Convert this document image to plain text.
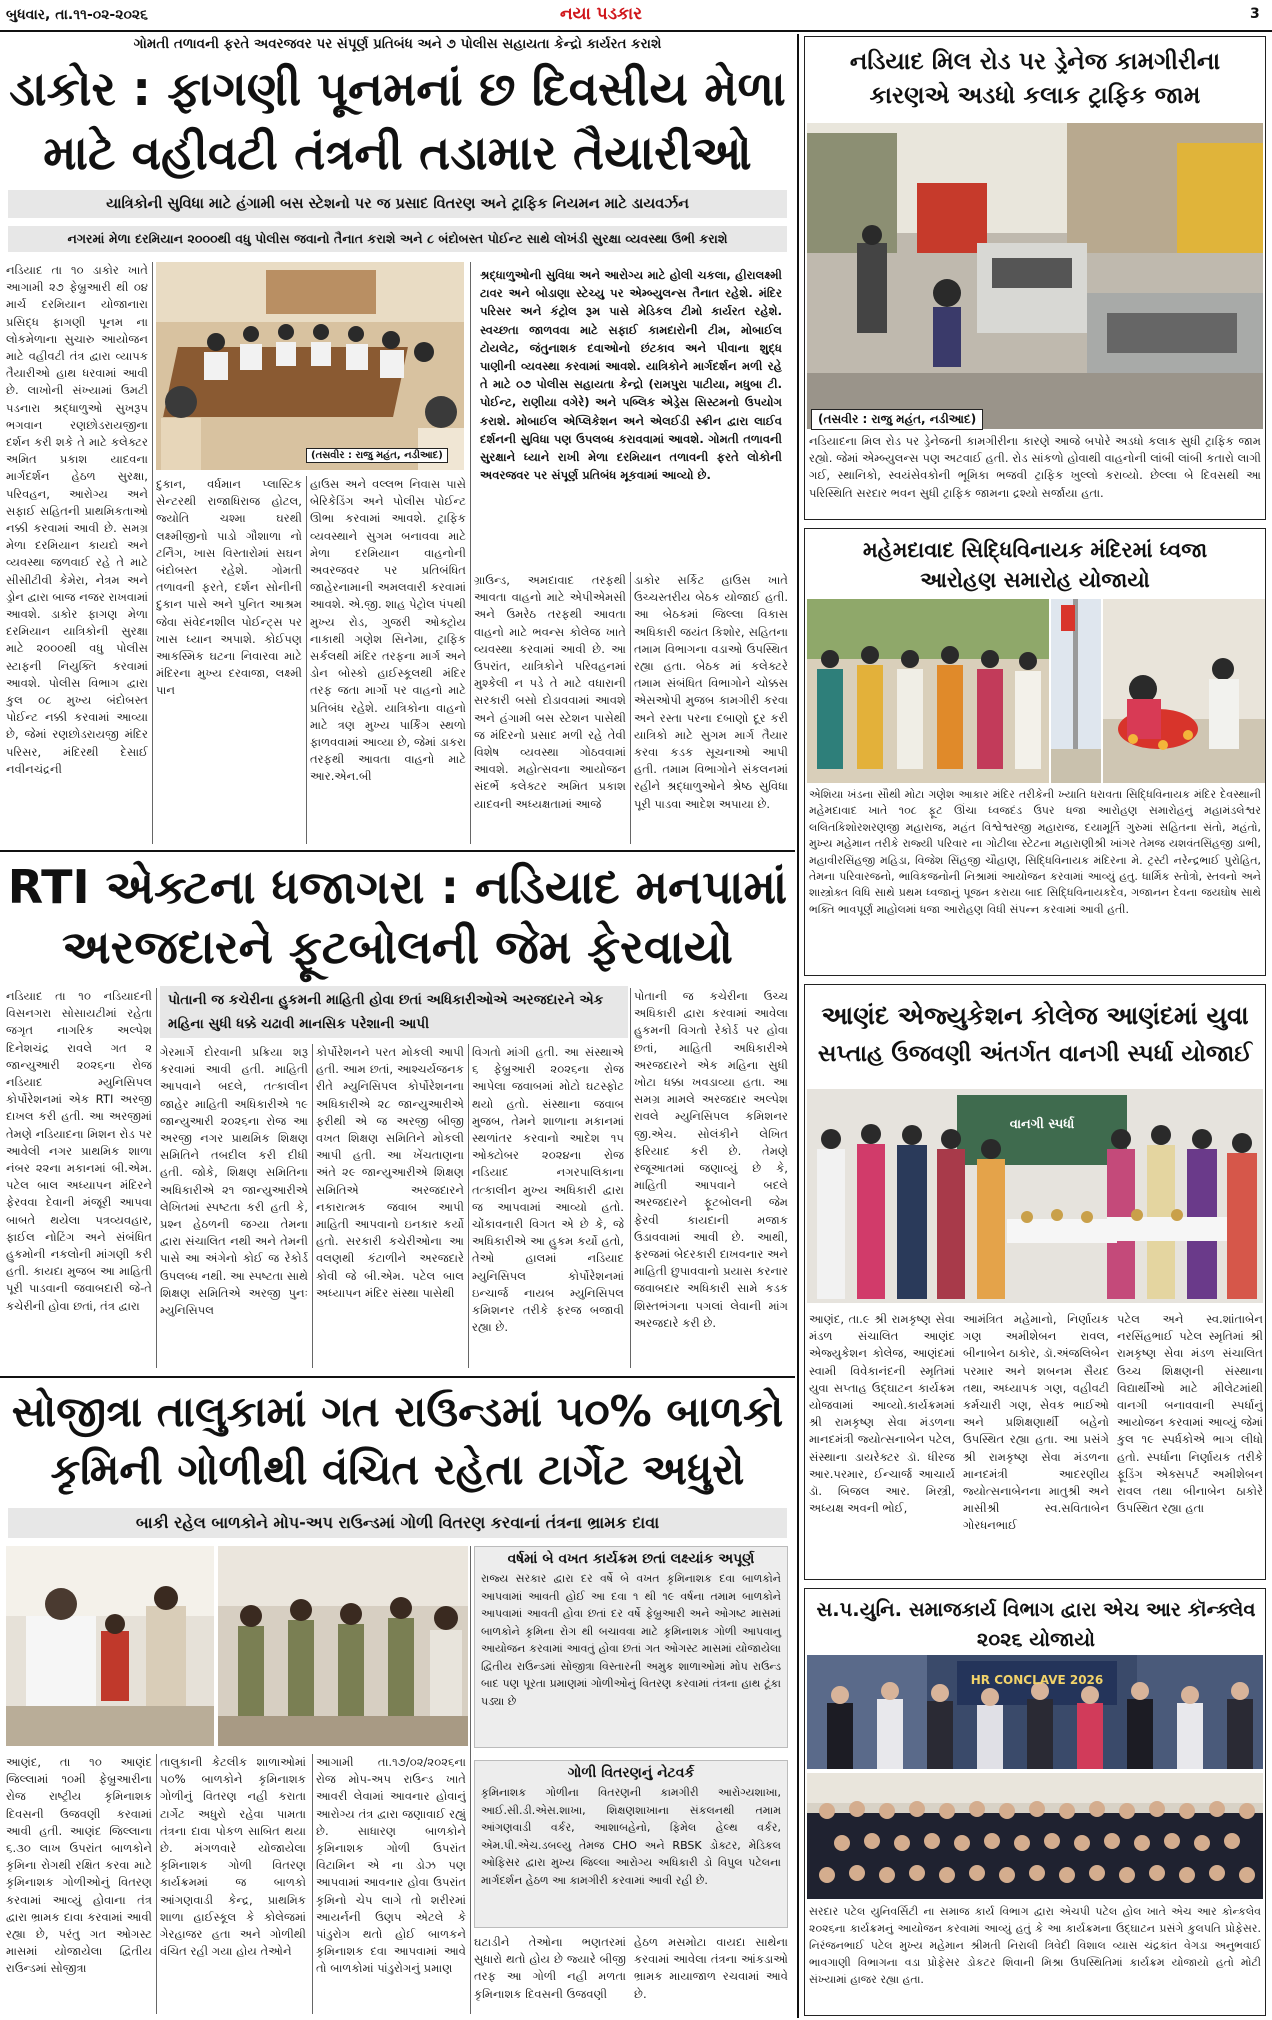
બુધવાર, તા.૧૧-૦૨-૨૦૨૬	નયા પડકાર	3
ગોમતી તળાવની ફરતે અવરજવર પર સંપૂર્ણ પ્રતિબંધ અને ૭ પોલીસ સહાયતા કેન્દ્રો કાર્યરત કરાશે
ડાકોર : ફાગણી પૂનમનાં છ દિવસીય મેળા
માટે વહીવટી તંત્રની તડામાર તૈયારીઓ
યાત્રિકોની સુવિધા માટે હંગામી બસ સ્ટેશનો પર જ પ્રસાદ વિતરણ અને ટ્રાફિક નિયમન માટે ડાયવર્ઝન
નગરમાં મેળા દરમિયાન ૨૦૦૦થી વધુ પોલીસ જવાનો તૈનાત કરાશે અને ૮ બંદોબસ્ત પોઈન્ટ સાથે લોખંડી સુરક્ષા વ્યવસ્થા ઉભી કરાશે
નડિયાદ તા ૧૦ ડાકોર ખાતે આગામી ૨૭ ફેબ્રુઆરી થી ૦૪ માર્ચ દરમિયાન યોજાનારા પ્રસિદ્ધ ફાગણી પૂનમ ના લોકમેળાના સુચારુ આયોજન માટે વહીવટી તંત્ર દ્વારા વ્યાપક તૈયારીઓ હાથ ધરવામાં આવી છે. લાખોની સંખ્યામાં ઉમટી પડનારા શ્રદ્ધાળુઓ સુખરૂપ ભગવાન રણછોડરાયજીના દર્શન કરી શકે તે માટે કલેક્ટર અમિત પ્રકાશ યાદવના માર્ગદર્શન હેઠળ સુરક્ષા, પરિવહન, આરોગ્ય અને સફાઈ સહિતની પ્રાથમિકતાઓ નક્કી કરવામાં આવી છે. સમગ્ર મેળા દરમિયાન કાયદો અને વ્યવસ્થા જળવાઈ રહે તે માટે સીસીટીવી કેમેરા, નેત્રમ અને ડ્રોન દ્વારા બાજ નજર રાખવામાં આવશે. ડાકોર ફાગણ મેળા દરમિયાન યાત્રિકોની સુરક્ષા માટે ૨૦૦૦થી વધુ પોલીસ સ્ટાફની નિયુક્તિ કરવામાં આવશે. પોલીસ વિભાગ દ્વારા કુલ ૦૮ મુખ્ય બંદોબસ્ત પોઈન્ટ નક્કી કરવામાં આવ્યા છે, જેમાં રણછોડરાયજી મંદિર પરિસર, મંદિરથી દેસાઈ નવીનચંદ્રની
(તસવીર : રાજુ મહંત, નડીઆદ)
શ્રદ્ધાળુઓની સુવિધા અને આરોગ્ય માટે હોલી ચકલા, હીરાલક્ષ્મી ટાવર અને બોડાણા સ્ટેચ્યુ પર એમ્બ્યુલન્સ તૈનાત રહેશે. મંદિર પરિસર અને કંટ્રોલ રૂમ પાસે મેડિકલ ટીમો કાર્યરત રહેશે. સ્વચ્છતા જાળવવા માટે સફાઈ કામદારોની ટીમ, મોબાઈલ ટોયલેટ, જંતુનાશક દવાઓનો છંટકાવ અને પીવાના શુદ્ધ પાણીની વ્યવસ્થા કરવામાં આવશે. યાત્રિકોને માર્ગદર્શન મળી રહે તે માટે ૦૭ પોલીસ સહાયતા કેન્દ્રો (રામપુરા પાટીયા, મધુબા ટી. પોઈન્ટ, રાણીયા વગેરે) અને પબ્લિક એડ્રેસ સિસ્ટમનો ઉપયોગ કરાશે. મોબાઈલ એપ્લિકેશન અને એલઈડી સ્ક્રીન દ્વારા લાઈવ દર્શનની સુવિધા પણ ઉપલબ્ધ કરાવવામાં આવશે. ગોમતી તળાવની સુરક્ષાને ધ્યાને રાખી મેળા દરમિયાન તળાવની ફરતે લોકોની અવરજવર પર સંપૂર્ણ પ્રતિબંધ મૂકવામાં આવ્યો છે.
દુકાન, વર્ધમાન પ્લાસ્ટિક સેન્ટરથી રાજાધિરાજ હોટલ, જ્યોતિ ચશ્મા ઘરથી લક્ષ્મીજીનો પાડો ગૌશાળા નો ટર્નિંગ, ખાસ વિસ્તારોમાં સઘન બંદોબસ્ત રહેશે. ગોમતી તળાવની ફરતે, દર્શન સોનીની દુકાન પાસે અને પુનિત આશ્રમ જેવા સંવેદનશીલ પોઈન્ટ્સ પર ખાસ ધ્યાન અપાશે. કોઈપણ આકસ્મિક ઘટના નિવારવા માટે મંદિરના મુખ્ય દરવાજા, લક્ષ્મી પાન
હાઉસ અને વલ્લભ નિવાસ પાસે બેરિકેડિંગ અને પોલીસ પોઈન્ટ ઊભા કરવામાં આવશે. ટ્રાફિક વ્યવસ્થાને સુગમ બનાવવા માટે મેળા દરમિયાન વાહનોની અવરજવર પર પ્રતિબંધિત જાહેરનામાની અમલવારી કરવામાં આવશે. એ.જી. શાહ પેટ્રોલ પંપથી મુખ્ય રોડ, ગુજરી ઓક્ટ્રોય નાકાથી ગણેશ સિનેમા, ટ્રાફિક સર્કલથી મંદિર તરફના માર્ગ અને ડોન બોસ્કો હાઈસ્કૂલથી મંદિર તરફ જતા માર્ગો પર વાહનો માટે પ્રતિબંધ રહેશે. યાત્રિકોના વાહનો માટે ત્રણ મુખ્ય પાર્કિંગ સ્થળો ફાળવવામાં આવ્યા છે, જેમાં ડાકરા તરફથી આવતા વાહનો માટે આર.એન.બી
ગ્રાઉન્ડ, અમદાવાદ તરફથી આવતા વાહનો માટે એપીએમસી અને ઉમરેઠ તરફથી આવતા વાહનો માટે ભવન્સ કોલેજ ખાતે વ્યવસ્થા કરવામાં આવી છે. આ ઉપરાંત, યાત્રિકોને પરિવહનમાં મુશ્કેલી ન પડે તે માટે વધારાની સરકારી બસો દોડાવવામાં આવશે અને હંગામી બસ સ્ટેશન પાસેથી જ મંદિરનો પ્રસાદ મળી રહે તેવી વિશેષ વ્યવસ્થા ગોઠવવામાં આવશે. મહોત્સવના આયોજન સંદર્ભે કલેક્ટર અમિત પ્રકાશ યાદવની અધ્યક્ષતામાં આજે
ડાકોર સર્કિટ હાઉસ ખાતે ઉચ્ચસ્તરીય બેઠક યોજાઈ હતી. આ બેઠકમાં જિલ્લા વિકાસ અધિકારી જયંત કિશોર, સહિતના તમામ વિભાગના વડાઓ ઉપસ્થિત રહ્યા હતા. બેઠક માં કલેક્ટરે તમામ સંબંધિત વિભાગોને ચોક્કસ એસઓપી મુજબ કામગીરી કરવા અને રસ્તા પરના દબાણો દૂર કરી યાત્રિકો માટે સુગમ માર્ગ તૈયાર કરવા કડક સૂચનાઓ આપી હતી. તમામ વિભાગોને સંકલનમાં રહીને શ્રદ્ધાળુઓને શ્રેષ્ઠ સુવિધા પૂરી પાડવા આદેશ અપાયા છે.
RTI એક્ટના ધજાગરા : નડિયાદ મનપામાં
અરજદારને ફૂટબોલની જેમ ફેરવાયો
નડિયાદ તા ૧૦ નડિયાદની વિસનગરા સોસાયટીમાં રહેતા જગૃત નાગરિક અલ્પેશ દિનેશચંદ્ર રાવલે ગત ૨ જાન્યુઆરી ૨૦૨૬ના રોજ નડિયાદ મ્યુનિસિપલ કોર્પોરેશનમાં એક RTI અરજી દાખલ કરી હતી. આ અરજીમાં તેમણે નડિયાદના મિશન રોડ પર આવેલી નગર પ્રાથમિક શાળા નંબર ૨૨ના મકાનમાં બી.એમ. પટેલ બાલ અધ્યાપન મંદિરને ફેરવવા દેવાની મંજૂરી આપવા બાબતે થયેલા પત્રવ્યવહાર, ફાઈલ નોટિંગ અને સંબંધિત હુકમોની નકલોની માંગણી કરી હતી. કાયદા મુજબ આ માહિતી પૂરી પાડવાની જવાબદારી જે-તે કચેરીની હોવા છતાં, તંત્ર દ્વારા
પોતાની જ કચેરીના હુકમની માહિતી હોવા છતાં અધિકારીઓએ અરજદારને એક મહિના સુધી ધક્કે ચઢાવી માનસિક પરેશાની આપી
ગેરમાર્ગે દોરવાની પ્રક્રિયા શરૂ કરવામાં આવી હતી. માહિતી આપવાને બદલે, તત્કાલીન જાહેર માહિતી અધિકારીએ ૧૯ જાન્યુઆરી ૨૦૨૬ના રોજ આ અરજી નગર પ્રાથમિક શિક્ષણ સમિતિને તબદીલ કરી દીધી હતી. જોકે, શિક્ષણ સમિતિના અધિકારીએ ૨૧ જાન્યુઆરીએ લેખિતમાં સ્પષ્ટતા કરી હતી કે, પ્રશ્ન હેઠળની જગ્યા તેમના દ્વારા સંચાલિત નથી અને તેમની પાસે આ અંગેનો કોઈ જ રેકોર્ડ ઉપલબ્ધ નથી. આ સ્પષ્ટતા સાથે શિક્ષણ સમિતિએ અરજી પુનઃ મ્યુનિસિપલ
કોર્પોરેશનને પરત મોકલી આપી હતી. આમ છતાં, આશ્ચર્યજનક રીતે મ્યુનિસિપલ કોર્પોરેશનના અધિકારીએ ૨૮ જાન્યુઆરીએ ફરીથી એ જ અરજી બીજી વખત શિક્ષણ સમિતિને મોકલી આપી હતી. આ ખેંચતાણના અંતે ૨૯ જાન્યુઆરીએ શિક્ષણ સમિતિએ અરજદારને નકારાત્મક જવાબ આપી માહિતી આપવાનો ઇનકાર કર્યો હતો. સરકારી કચેરીઓના આ વલણથી કંટાળીને અરજદારે કોવી જે બી.એમ. પટેલ બાલ અધ્યાપન મંદિર સંસ્થા પાસેથી
વિગતો માંગી હતી. આ સંસ્થાએ ૬ ફેબ્રુઆરી ૨૦૨૬ના રોજ આપેલા જવાબમાં મોટો ઘટસ્ફોટ થયો હતો. સંસ્થાના જવાબ મુજબ, તેમને શાળાના મકાનમાં સ્થળાંતર કરવાનો આદેશ ૧૫ ઓક્ટોબર ૨૦૨૪ના રોજ નડિયાદ નગરપાલિકાના તત્કાલીન મુખ્ય અધિકારી દ્વારા જ આપવામાં આવ્યો હતો. ચોંકાવનારી વિગત એ છે કે, જે અધિકારીએ આ હુકમ કર્યો હતો, તેઓ હાલમાં નડિયાદ મ્યુનિસિપલ કોર્પોરેશનમાં ઇન્ચાર્જ નાયબ મ્યુનિસિપલ કમિશનર તરીકે ફરજ બજાવી રહ્યા છે.
પોતાની જ કચેરીના ઉચ્ચ અધિકારી દ્વારા કરવામાં આવેલા હુકમની વિગતો રેકોર્ડ પર હોવા છતાં, માહિતી અધિકારીએ અરજદારને એક મહિના સુધી ખોટા ધક્કા ખવડાવ્યા હતા. આ સમગ્ર મામલે અરજદાર અલ્પેશ રાવલે મ્યુનિસિપલ કમિશનર જી.એચ. સોલંકીને લેખિત ફરિયાદ કરી છે. તેમણે રજૂઆતમાં જણાવ્યું છે કે, માહિતી આપવાને બદલે અરજદારને ફૂટબોલની જેમ ફેરવી કાયદાની મજાક ઉડાવવામાં આવી છે. આથી, ફરજમાં બેદરકારી દાખવનાર અને માહિતી છુપાવવાનો પ્રયાસ કરનાર જવાબદાર અધિકારી સામે કડક શિસ્તભંગના પગલાં લેવાની માંગ અરજદારે કરી છે.
સોજીત્રા તાલુકામાં ગત રાઉન્ડમાં ૫૦% બાળકો
કૃમિની ગોળીથી વંચિત રહેતા ટાર્ગેટ અધુરો
બાકી રહેલ બાળકોને મોપ-અપ રાઉન્ડમાં ગોળી વિતરણ કરવાનાં તંત્રના ભ્રામક દાવા
વર્ષમાં બે વખત કાર્યક્રમ છતાં લક્ષ્યાંક અપૂર્ણ
રાજ્ય સરકાર દ્વારા દર વર્ષે બે વખત કૃમિનાશક દવા બાળકોને આપવામાં આવતી હોઈ આ દવા ૧ થી ૧૯ વર્ષના તમામ બાળકોને આપવામાં આવતી હોવા છતાં દર વર્ષે ફેબ્રુઆરી અને ઓગષ્ટ માસમાં બાળકોને કૃમિના રોગ થી બચાવવા માટે કૃમિનાશક ગોળી આપવાનુ આયોજન કરવામાં આવતું હોવા છતાં ગત ઓગસ્ટ માસમાં યોજાયેલા દ્વિતીય રાઉન્ડમાં સોજીત્રા વિસ્તારની અમુક શાળાઓમાં મોપ રાઉન્ડ બાદ પણ પૂરતા પ્રમાણમાં ગોળીઓનું વિતરણ કરવામાં તંત્રના હાથ ટૂંકા પડ્યા છે
આણંદ, તા ૧૦ આણંદ જિલ્લામાં ૧૦મી ફેબ્રુઆરીના રોજ રાષ્ટ્રીય કૃમિનાશક દિવસની ઉજવણી કરવામાં આવી હતી. આણંદ જિલ્લાના ૬.૩૦ લાખ ઉપરાંત બાળકોને કૃમિના રોગથી રક્ષિત કરવા માટે કૃમિનાશક ગોળીઓનું વિતરણ કરવામાં આવ્યું હોવાના તંત્ર દ્વારા ભ્રામક દાવા કરવામાં આવી રહ્યા છે, પરંતુ ગત ઓગસ્ટ માસમાં યોજાયેલા દ્વિતીય રાઉન્ડમાં સોજીત્રા
તાલુકાની કેટલીક શાળાઓમાં ૫૦% બાળકોને કૃમિનાશક ગોળીનું વિતરણ નહી કરાતા ટાર્ગેટ અધુરો રહેવા પામતા તંત્રના દાવા પોકળ સાબિત થયા છે. મંગળવારે યોજાયેલા કૃમિનાશક ગોળી વિતરણ કાર્યક્રમમાં જ બાળકો આંગણવાડી કેન્દ્ર, પ્રાથમિક શાળા હાઈસ્કૂલ કે કોલેજમાં ગેરહાજર હતા અને ગોળીથી વંચિત રહી ગયા હોય તેઓને
આગામી તા.૧૭/૦૨/૨૦૨૬ના રોજ મોપ-અપ રાઉન્ડ ખાતે આવરી લેવામાં આવનાર હોવાનું આરોગ્ય તંત્ર દ્વારા જણાવાઈ રહ્યું છે. સાધારણ બાળકોને કૃમિનાશક ગોળી ઉપરાંત વિટામિન એ ના ડોઝ પણ આપવામાં આવનાર હોવા ઉપરાંત કૃમિનો ચેપ લાગે તો શરીરમાં આયર્નની ઉણપ એટલે કે પાંડુરોગ થતો હોઈ બાળકને કૃમિનાશક દવા આપવામાં આવે તો બાળકોમાં પાંડુરોગનું પ્રમાણ
ગોળી વિતરણનું નેટવર્ક
કૃમિનાશક ગોળીના વિતરણની કામગીરી આરોગ્યશાખા, આઈ.સી.ડી.એસ.શાખા, શિક્ષણશાખાના સંકલનથી તમામ આંગણવાડી વર્કર, આશાબહેનો, ફિમેલ હેલ્થ વર્કર, એમ.પી.એચ.ડબલ્યુ તેમજ CHO અને RBSK ડોક્ટર, મેડિકલ ઓફિસર દ્વારા મુખ્ય જિલ્લા આરોગ્ય અધિકારી ડો વિપુલ પટેલના માર્ગદર્શન હેઠળ આ કામગીરી કરવામાં આવી રહી છે.
ઘટાડીને તેઓના ભણતરમાં સુધારો થતો હોય છે જ્યારે બીજી તરફ આ ગોળી નહી મળતા કૃમિનાશક દિવસની ઉજવણી
હેઠળ મસમોટા વાયદા સાથેના કરવામાં આવેલા તંત્રના આંકડાઓ ભ્રામક માયાજાળ રચવામાં આવે છે.
નડિયાદ મિલ રોડ પર ડ્રેનેજ કામગીરીના
કારણએ અડધો કલાક ટ્રાફિક જામ
(તસવીર : રાજુ મહંત, નડીઆદ)
નડિયાદના મિલ રોડ પર ડ્રેનેજની કામગીરીના કારણે આજે બપોરે અડધો કલાક સુધી ટ્રાફિક જામ રહ્યો. જેમાં એમ્બ્યુલન્સ પણ અટવાઈ હતી. રોડ સાંકળો હોવાથી વાહનોની લાંબી લાંબી કતારો લાગી ગઈ, સ્થાનિકો, સ્વયંસેવકોની ભૂમિકા ભજવી ટ્રાફિક ખુલ્લો કરાવ્યો. છેલ્લા બે દિવસથી આ પરિસ્થિતિ સરદાર ભવન સુધી ટ્રાફિક જામના દ્રશ્યો સર્જાયા હતા.
મહેમદાવાદ સિદ્ધિવિનાયક મંદિરમાં ધ્વજા
આરોહણ સમારોહ યોજાયો
એશિયા ખંડના સૌથી મોટા ગણેશ આકાર મંદિર તરીકેની ખ્યાતિ ધરાવતા સિદ્ધિવિનાયક મંદિર દેવસ્થાની મહેમદાવાદ ખાતે ૧૦૮ ફૂટ ઊંચા ધ્વજદંડ ઉપર ધજા આરોહણ સમારોહનું મહામંડલેશ્વર લલિતકિશોરશરણજી મહારાજ, મહંત વિશ્વેશ્વરજી મહારાજ, દયામૂર્તિ ગુરુમાં સહિતના સંતો, મહંતો, મુખ્ય મહેમાન તરીકે રાજ્યી પરિવાર ના ગોટીલા સ્ટેટના મહારાણીશ્રી ખાંગર તેમજ યશવંતસિંહજી ડાભી, મહાવીરસિંહજી મહિડા, વિજેશ સિંહજી ચૌહાણ, સિદ્ધિવિનાયક મંદિરના મે. ટ્રસ્ટી નરેન્દ્રભાઈ પુરોહિત, તેમના પરિવારજનો, ભાવિકજનોની નિશ્રામાં આયોજન કરવામાં આવ્યું હતુ. ધાર્મિક સ્તોત્રો, સ્તવનો અને શાસ્ત્રોક્ત વિધિ સાથે પ્રથમ ધ્વજાનું પૂજન કરાયા બાદ સિદ્ધિવિનાયકદેવ, ગજાનન દેવના જયઘોષ સાથે ભક્તિ ભાવપૂર્ણ માહોલમાં ધજા આરોહણ વિધી સંપન્ન કરવામાં આવી હતી.
આણંદ એજ્યુકેશન કોલેજ આણંદમાં યુવા
સપ્તાહ ઉજવણી અંતર્ગત વાનગી સ્પર્ધા યોજાઈ
વાનગી સ્પર્ધા
આણંદ, તા.૯ શ્રી રામકૃષ્ણ સેવા મંડળ સંચાલિત આણંદ એજ્યુકેશન કોલેજ, આણંદમાં સ્વામી વિવેકાનંદની સ્મૃતિમાં યુવા સપ્તાહ ઉદ્‌ઘાટન કાર્યક્રમ યોજવામાં આવ્યો.કાર્યક્રમમાં શ્રી રામકૃષ્ણ સેવા મંડળના માનદમંત્રી જ્યોત્સનાબેન પટેલ, સંસ્થાના ડાયરેક્ટર ડૉ. ધીરજ આર.પરમાર, ઈન્ચાર્જ આચાર્ય ડૉ. બિજલ આર. મિસ્ત્રી, અધ્યક્ષ અવની ભોઈ,
આમંત્રિત મહેમાનો, નિર્ણાયક ગણ અમીશેબન રાવલ, બીનાબેન ઠાકોર, ડૉ.અંજલિબેન પરમાર અને શબનમ સૈયદ તથા, અધ્યાપક ગણ, વહીવટી કર્મચારી ગણ, સેવક ભાઈઓ અને પ્રશિક્ષણાર્થી બહેનો ઉપસ્થિત રહ્યા હતા. આ પ્રસંગે શ્રી રામકૃષ્ણ સેવા મંડળના માનદમંત્રી આદરણીય જ્યોત્સનાબેનના માતુશ્રી અને માસીશ્રી સ્વ.સવિતાબેન ગોરધનભાઈ
પટેલ અને સ્વ.શાંતાબેન નરસિંહભાઈ પટેલ સ્મૃતિમાં શ્રી રામકૃષ્ણ સેવા મંડળ સંચાલિત ઉચ્ચ શિક્ષણની સંસ્થાના વિદ્યાર્થીઓ માટે મીલેટમાંથી વાનગી બનાવવાની સ્પર્ધાનું આયોજન કરવામાં આવ્યું જેમાં કુલ ૧૯ સ્પર્ધકોએ ભાગ લીધો હતો. સ્પર્ધાના નિર્ણાયક તરીકે ફૂડિંગ એક્સપર્ટ અમીશેબન રાવલ તથા બીનાબેન ઠાકોરે ઉપસ્થિત રહ્યા હતા
સ.પ.યુનિ. સમાજકાર્ય વિભાગ દ્વારા એચ આર કૉન્ક્લેવ ૨૦૨૬ યોજાયો
HR CONCLAVE 2026
સરદાર પટેલ યુનિવર્સિટી ના સમાજ કાર્ય વિભાગ દ્વારા એચપી પટેલ હોલ ખાતે એચ આર કોન્કલેવ ૨૦૨૬ના કાર્યક્રમનું આયોજન કરવામાં આવ્યું હતું કે આ કાર્યક્રમના ઉદ્‌ઘાટન પ્રસંગે કુલપતિ પ્રોફેસર. નિરંજનભાઈ પટેલ મુખ્ય મહેમાન શ્રીમતી નિરાલી ત્રિવેદી વિશાલ વ્યાસ ચંદ્રકાંત વેગડા અનુભવાઈ ભાવગાણી વિભાગના વડા પ્રોફેસર ડોકટર શિવાની મિશ્રા ઉપસ્થિતિમાં કાર્યક્રમ યોજાયો હતો મોટી સંખ્યામાં હાજર રહ્યા હતા.
